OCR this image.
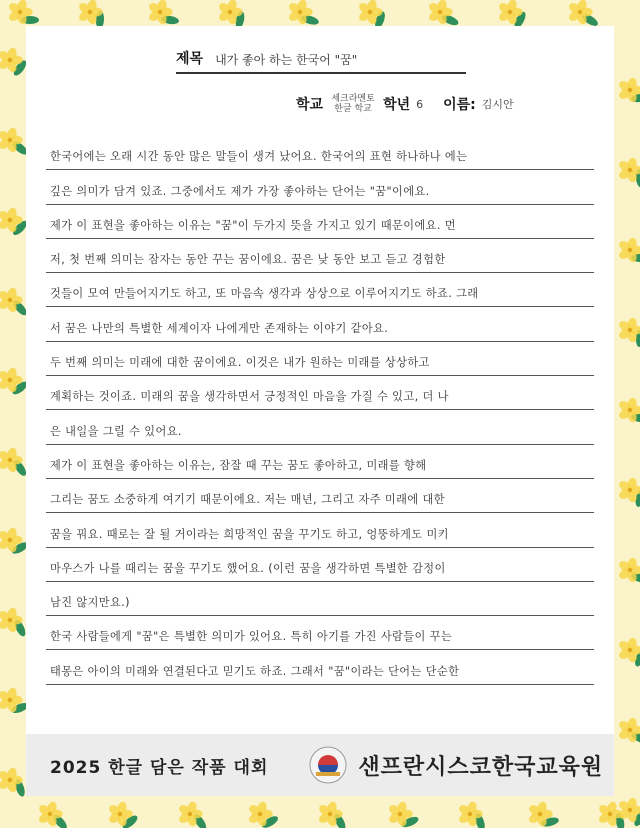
제목 내가 좋아 하는 한국어 "꿈"
학교 세크라멘토 한글 학교 학년 6 이름: 김시안
한국어에는 오래 시간 동안 많은 말들이 생겨 났어요. 한국어의 표현 하나하나 에는
깊은 의미가 담겨 있죠. 그중에서도 제가 가장 좋아하는 단어는 "꿈"이에요.
제가 이 표현을 좋아하는 이유는 "꿈"이 두가지 뜻을 가지고 있기 때문이에요. 먼
저, 첫 번째 의미는 잠자는 동안 꾸는 꿈이에요. 꿈은 낮 동안 보고 듣고 경험한
것들이 모여 만들어지기도 하고, 또 마음속 생각과 상상으로 이루어지기도 하죠. 그래
서 꿈은 나만의 특별한 세계이자 나에게만 존재하는 이야기 같아요.
두 번째 의미는 미래에 대한 꿈이에요. 이것은 내가 원하는 미래를 상상하고
계획하는 것이죠. 미래의 꿈을 생각하면서 긍정적인 마음을 가질 수 있고, 더 나
은 내일을 그릴 수 있어요.
제가 이 표현을 좋아하는 이유는, 잠잘 때 꾸는 꿈도 좋아하고, 미래를 향해
그리는 꿈도 소중하게 여기기 때문이에요. 저는 매년, 그리고 자주 미래에 대한
꿈을 꿔요. 때로는 잘 될 거이라는 희망적인 꿈을 꾸기도 하고, 엉뚱하게도 미키
마우스가 나를 때리는 꿈을 꾸기도 했어요. (이런 꿈을 생각하면 특별한 감정이
남진 않지만요.)
한국 사람들에게 "꿈"은 특별한 의미가 있어요. 특히 아기를 가진 사람들이 꾸는
태몽은 아이의 미래와 연결된다고 믿기도 하죠. 그래서 "꿈"이라는 단어는 단순한
2025 한글 담은 작품 대회	샌프란시스코한국교육원
